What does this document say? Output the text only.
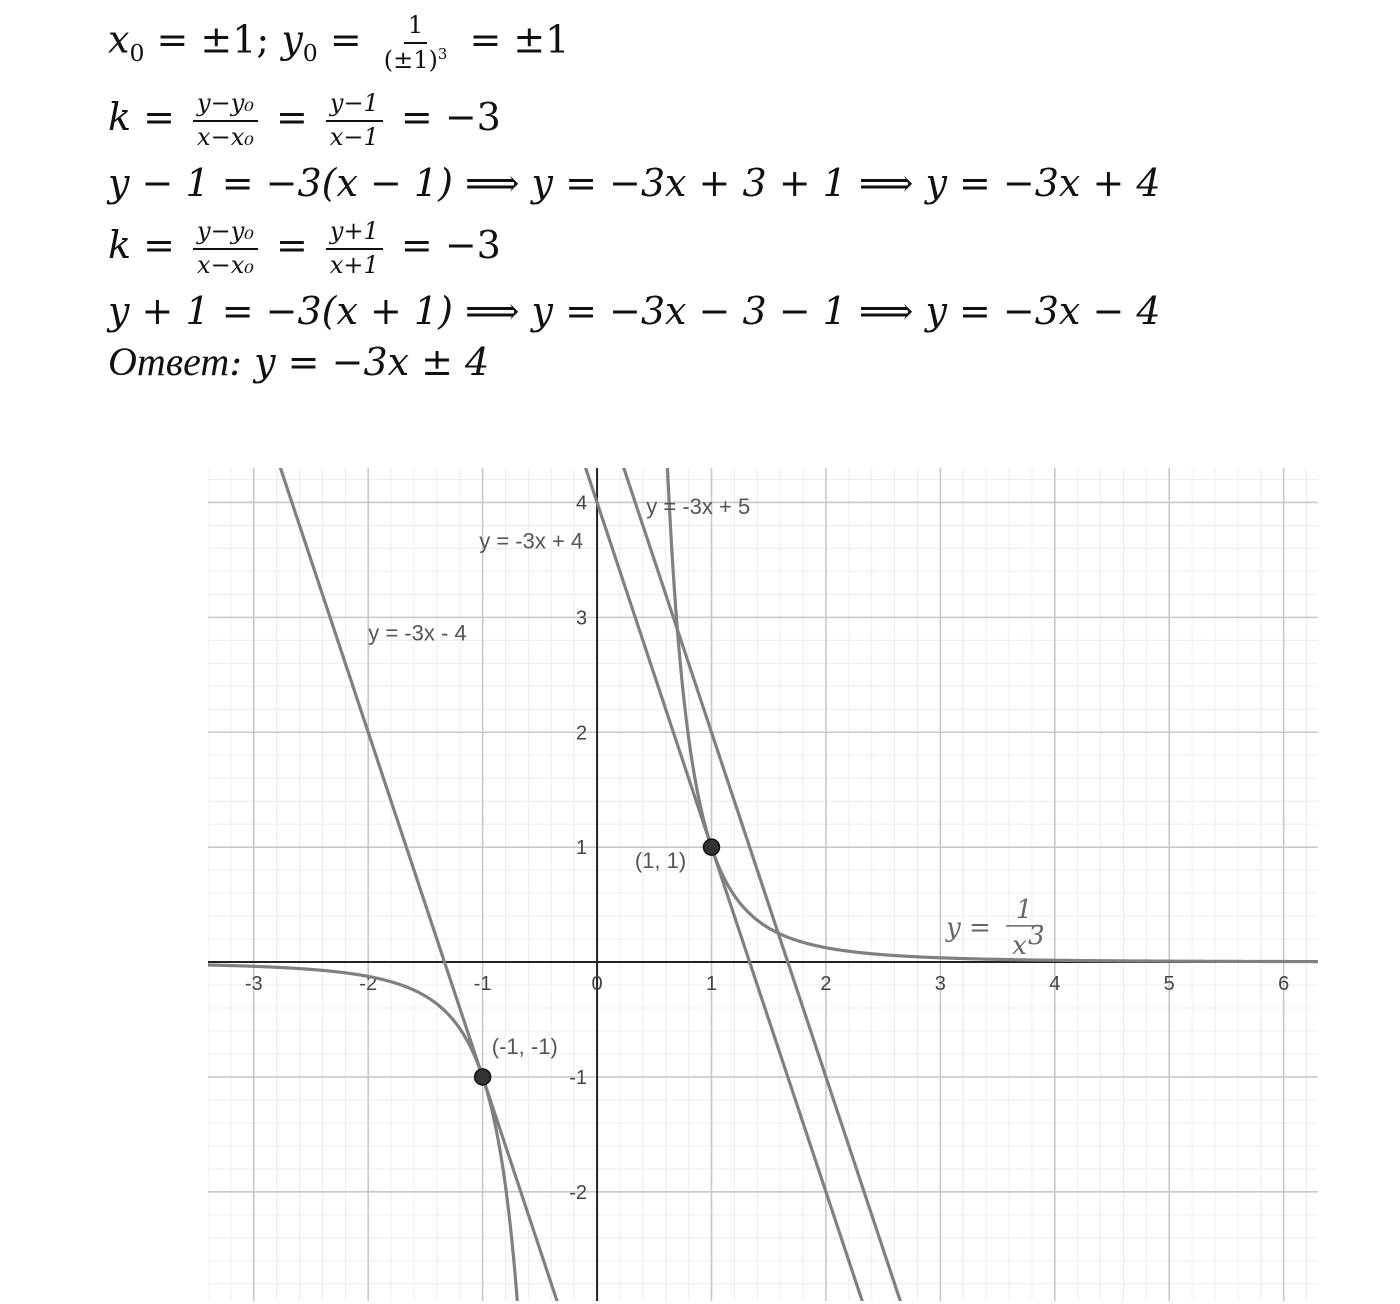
$x_0 = \pm 1$; $y_0 = \frac{1}{(\pm 1)^3} = \pm 1$
$k = \frac{\text{y−y₀}}{\text{x−x₀}} = \frac{y-1}{x-1} = -3$
y − 1 = −3(x − 1) ⟹ y = −3x + 3 + 1 ⟹ y = −3x + 4
$k = \frac{\text{y−y₀}}{\text{x−x₀}} = \frac{y+1}{x+1} = -3$
y + 1 = −3(x + 1) ⟹ y = −3x − 3 − 1 ⟹ y = −3x − 4
Ответ: y = −3x ± 4
-3	-2	-1	0	1	2	3	4	5	6
-2
-1
1
2
3
4
(1, 1)
(-1, -1)
y = -3x - 4
y = -3x + 4
y = -3x + 5
y =
1
x 3
